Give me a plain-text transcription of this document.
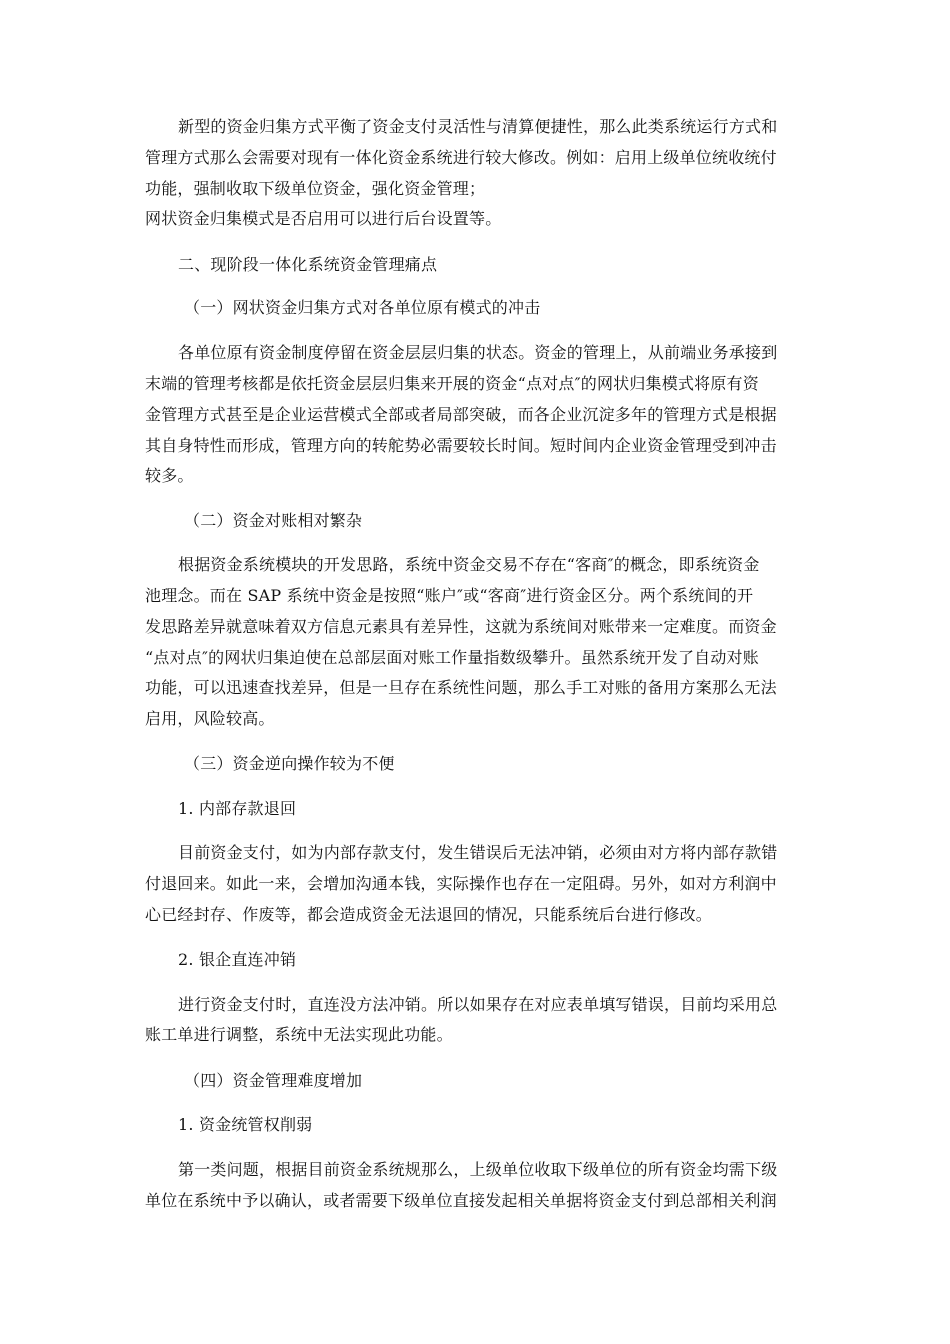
新型的资金归集方式平衡了资金支付灵活性与清算便捷性，那么此类系统运行方式和
管理方式那么会需要对现有一体化资金系统进行较大修改。例如：启用上级单位统收统付
功能，强制收取下级单位资金，强化资金管理；
网状资金归集模式是否启用可以进行后台设置等。
二、现阶段一体化系统资金管理痛点
（一）网状资金归集方式对各单位原有模式的冲击
各单位原有资金制度停留在资金层层归集的状态。资金的管理上，从前端业务承接到
末端的管理考核都是依托资金层层归集来开展的资金“点对点″的网状归集模式将原有资
金管理方式甚至是企业运营模式全部或者局部突破，而各企业沉淀多年的管理方式是根据
其自身特性而形成，管理方向的转舵势必需要较长时间。短时间内企业资金管理受到冲击
较多。
（二）资金对账相对繁杂
根据资金系统模块的开发思路，系统中资金交易不存在“客商″的概念，即系统资金
池理念。而在 SAP 系统中资金是按照“账户″或“客商″进行资金区分。两个系统间的开
发思路差异就意味着双方信息元素具有差异性，这就为系统间对账带来一定难度。而资金
“点对点″的网状归集迫使在总部层面对账工作量指数级攀升。虽然系统开发了自动对账
功能，可以迅速查找差异，但是一旦存在系统性问题，那么手工对账的备用方案那么无法
启用，风险较高。
（三）资金逆向操作较为不便
1. 内部存款退回
目前资金支付，如为内部存款支付，发生错误后无法冲销，必须由对方将内部存款错
付退回来。如此一来，会增加沟通本钱，实际操作也存在一定阻碍。另外，如对方利润中
心已经封存、作废等，都会造成资金无法退回的情况，只能系统后台进行修改。
2. 银企直连冲销
进行资金支付时，直连没方法冲销。所以如果存在对应表单填写错误，目前均采用总
账工单进行调整，系统中无法实现此功能。
（四）资金管理难度增加
1. 资金统管权削弱
第一类问题，根据目前资金系统规那么，上级单位收取下级单位的所有资金均需下级
单位在系统中予以确认，或者需要下级单位直接发起相关单据将资金支付到总部相关利润
